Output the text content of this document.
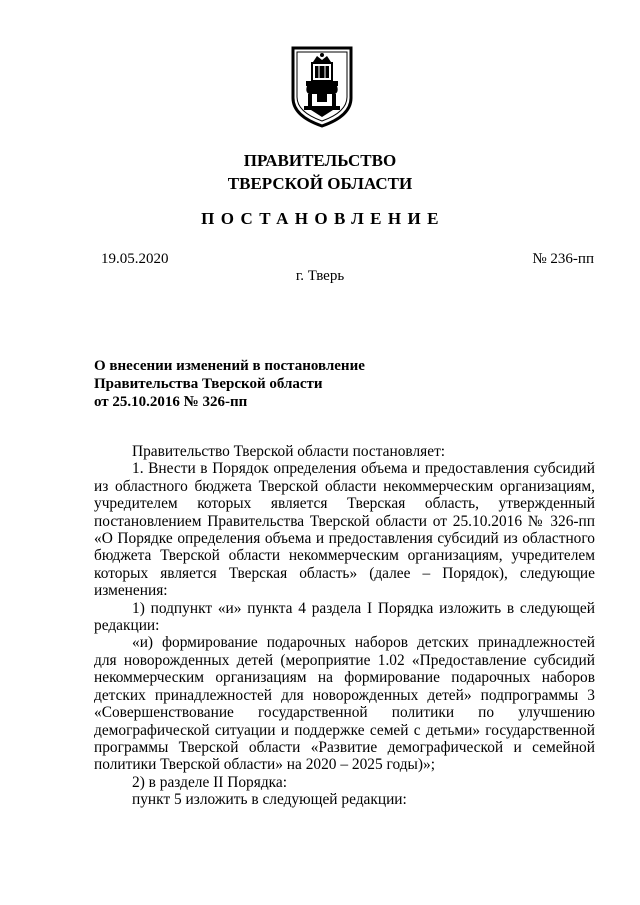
ПРАВИТЕЛЬСТВО
ТВЕРСКОЙ ОБЛАСТИ
ПОСТАНОВЛЕНИЕ
19.05.2020	№ 236-пп
г. Тверь
О внесении изменений в постановление
Правительства Тверской области
от 25.10.2016 № 326-пп

Правительство Тверской области постановляет:

1. Внести в Порядок определения объема и предоставления субсидий из областного бюджета Тверской области некоммерческим организациям, учредителем которых является Тверская область, утвержденный постановлением Правительства Тверской области от 25.10.2016 № 326-пп «О Порядке определения объема и предоставления субсидий из областного бюджета Тверской области некоммерческим организациям, учредителем которых является Тверская область» (далее – Порядок), следующие изменения:

1) подпункт «и» пункта 4 раздела I Порядка изложить в следующей редакции:

«и) формирование подарочных наборов детских принадлежностей для новорожденных детей (мероприятие 1.02 «Предоставление субсидий некоммерческим организациям на формирование подарочных наборов детских принадлежностей для новорожденных детей» подпрограммы 3 «Совершенствование государственной политики по улучшению демографической ситуации и поддержке семей с детьми» государственной программы Тверской области «Развитие демографической и семейной политики Тверской области» на 2020 – 2025 годы)»;

2) в разделе II Порядка:

пункт 5 изложить в следующей редакции:
